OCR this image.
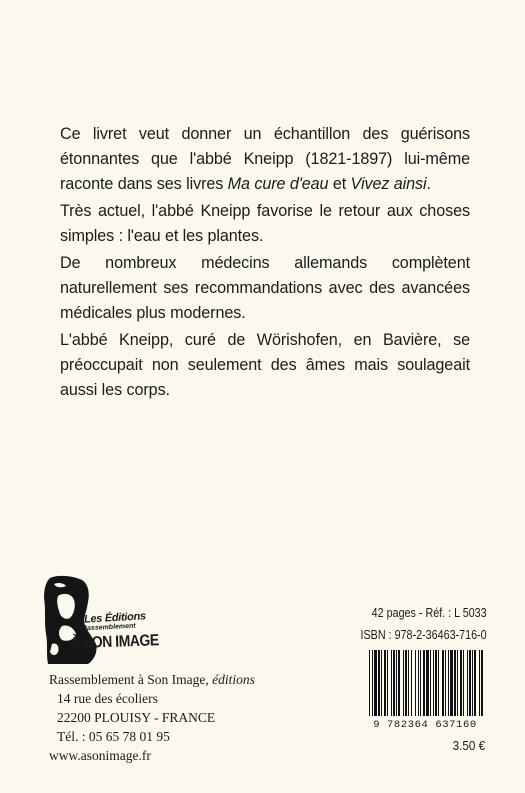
Ce livret veut donner un échantillon des guérisons étonnantes que l'abbé Kneipp (1821-1897) lui-même raconte dans ses livres Ma cure d'eau et Vivez ainsi.

Très actuel, l'abbé Kneipp favorise le retour aux choses simples : l'eau et les plantes.

De nombreux médecins allemands complètent naturellement ses recommandations avec des avancées médicales plus modernes.

L'abbé Kneipp, curé de Wörishofen, en Bavière, se préoccupait non seulement des âmes mais soulageait aussi les corps.

Les Éditions
Rassemblement
À SON IMAGE
Rassemblement à Son Image, éditions
14 rue des écoliers
22200 PLOUISY - FRANCE
Tél. : 05 65 78 01 95
www.asonimage.fr
42 pages - Réf. : L 5033
ISBN : 978-2-36463-716-0
9 782364 637160
3.50 €
